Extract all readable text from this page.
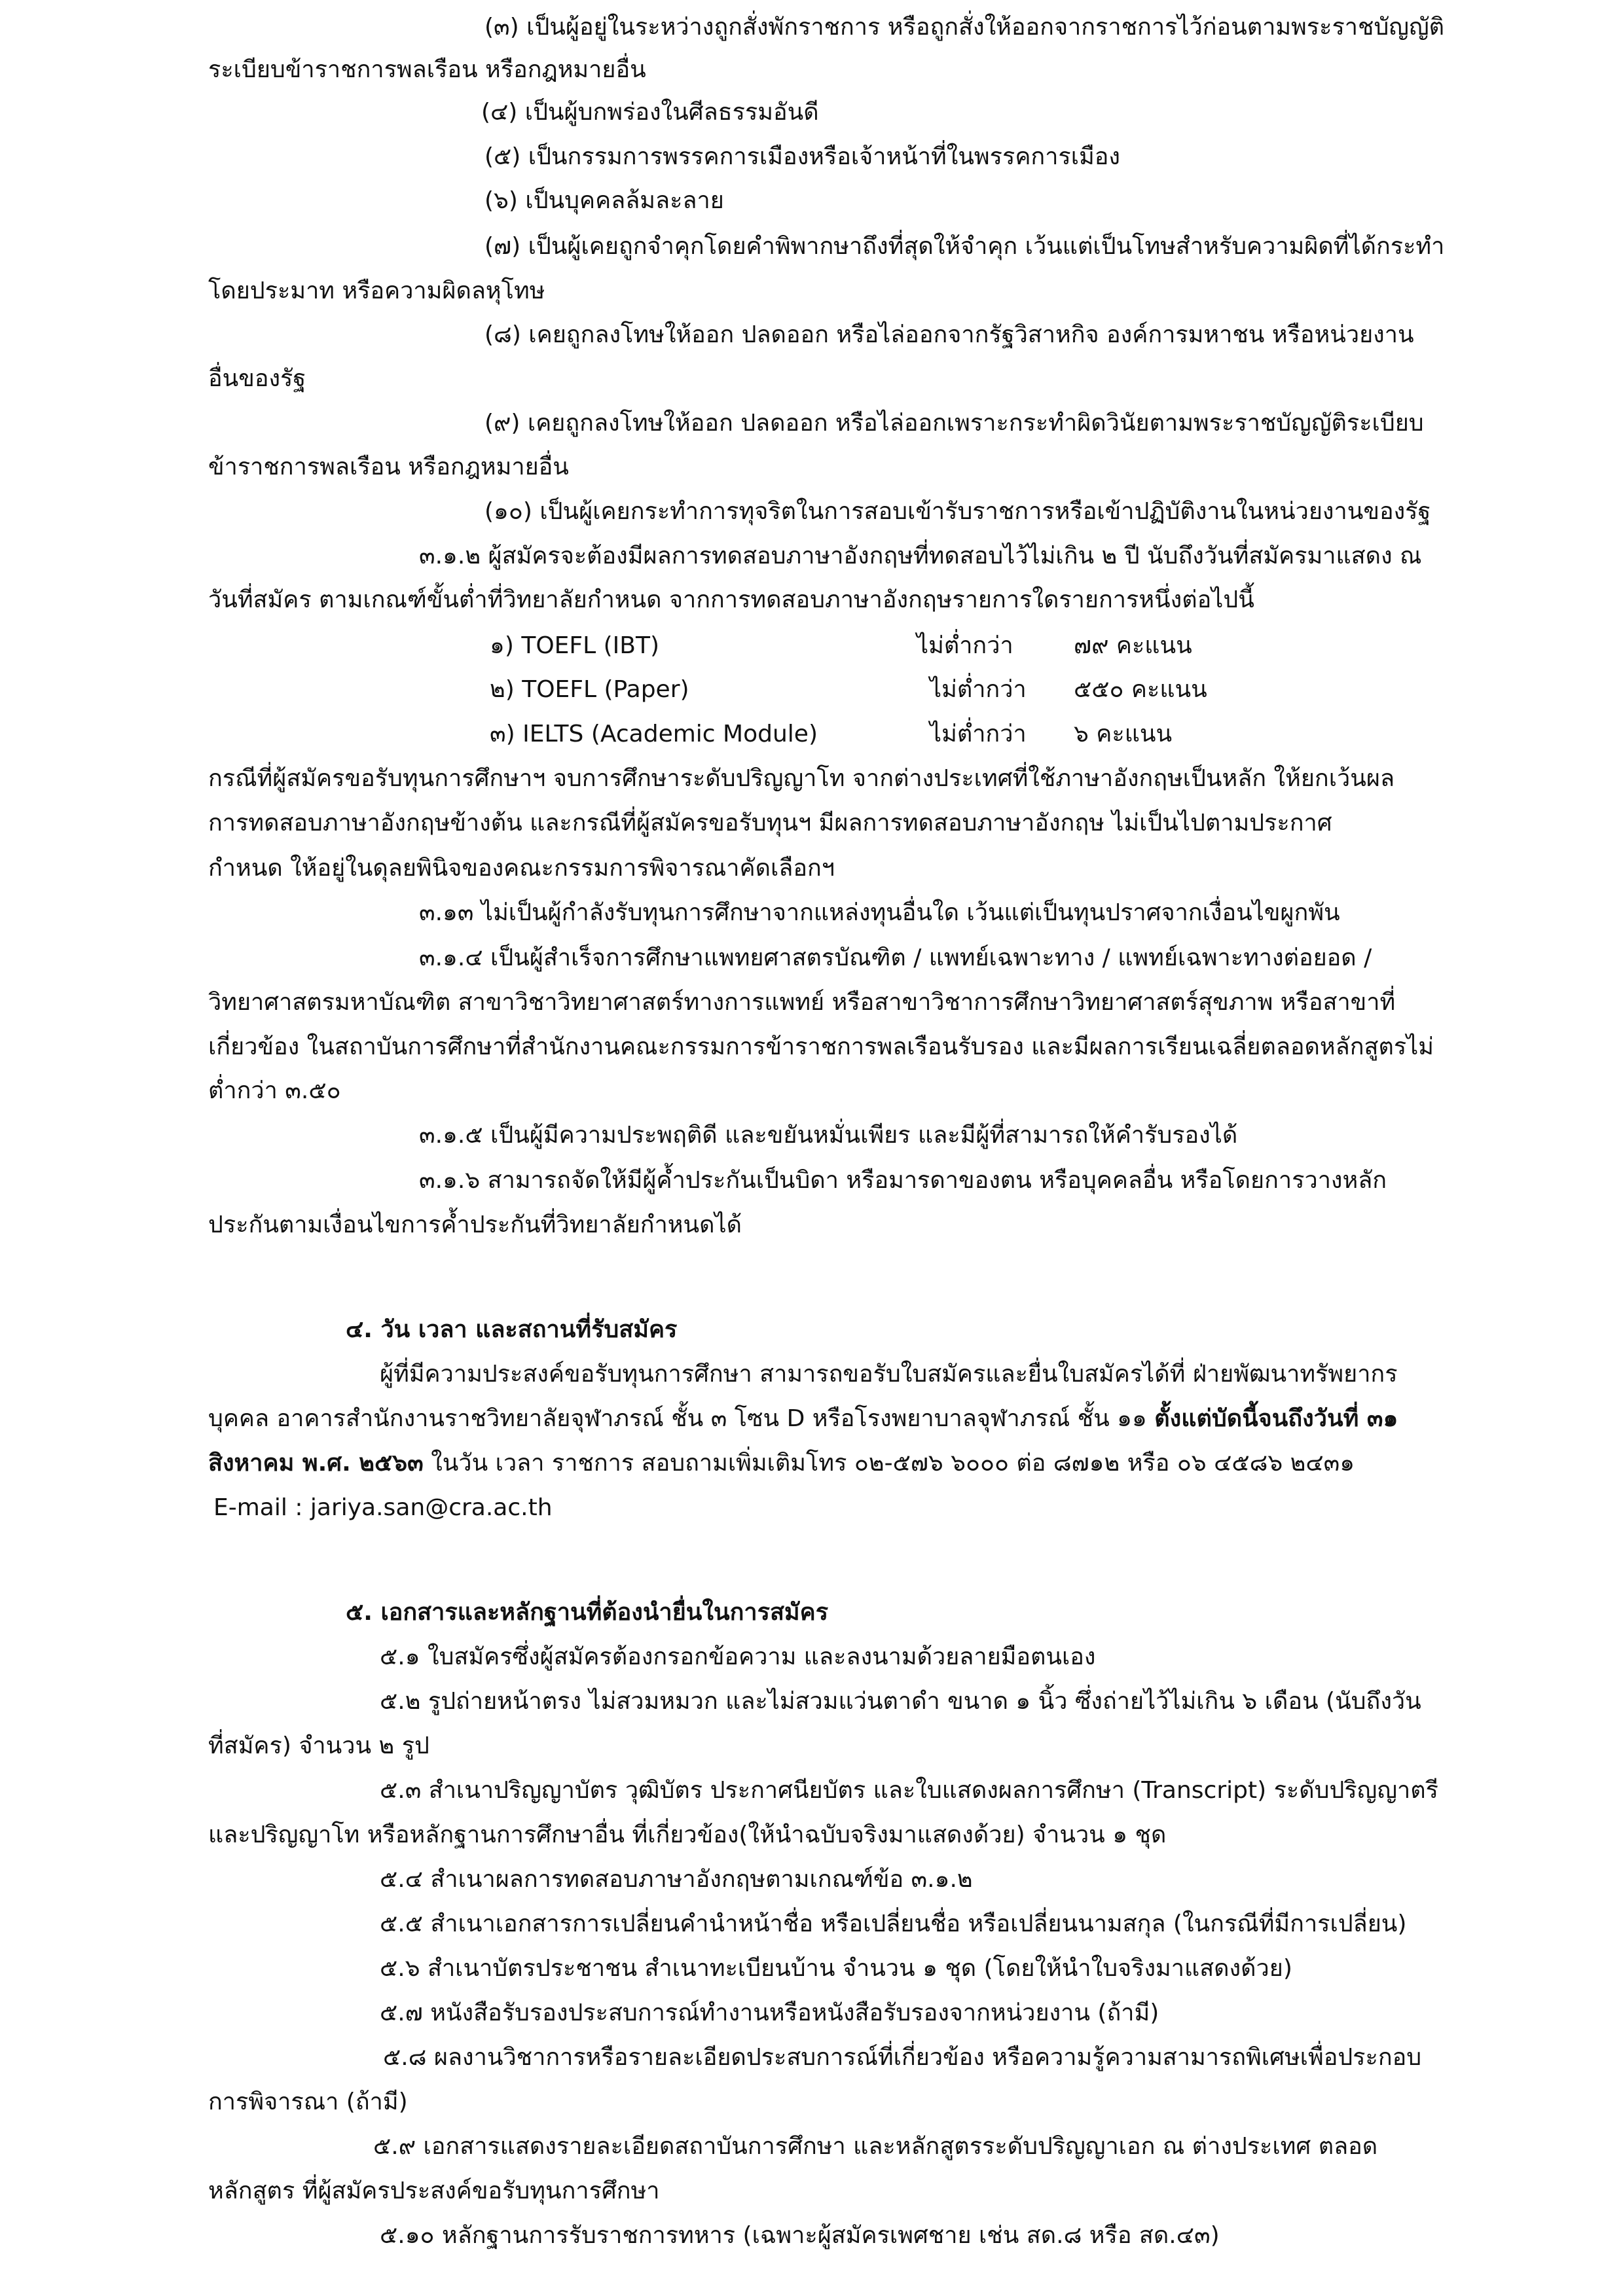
(๓) เป็นผู้อยู่ในระหว่างถูกสั่งพักราชการ หรือถูกสั่งให้ออกจากราชการไว้ก่อนตามพระราชบัญญัติ
ระเบียบข้าราชการพลเรือน หรือกฎหมายอื่น
(๔) เป็นผู้บกพร่องในศีลธรรมอันดี
(๕) เป็นกรรมการพรรคการเมืองหรือเจ้าหน้าที่ในพรรคการเมือง
(๖) เป็นบุคคลล้มละลาย
(๗) เป็นผู้เคยถูกจำคุกโดยคำพิพากษาถึงที่สุดให้จำคุก เว้นแต่เป็นโทษสำหรับความผิดที่ได้กระทำ
โดยประมาท หรือความผิดลหุโทษ
(๘) เคยถูกลงโทษให้ออก ปลดออก หรือไล่ออกจากรัฐวิสาหกิจ องค์การมหาชน หรือหน่วยงาน
อื่นของรัฐ
(๙) เคยถูกลงโทษให้ออก ปลดออก หรือไล่ออกเพราะกระทำผิดวินัยตามพระราชบัญญัติระเบียบ
ข้าราชการพลเรือน หรือกฎหมายอื่น
(๑๐) เป็นผู้เคยกระทำการทุจริตในการสอบเข้ารับราชการหรือเข้าปฏิบัติงานในหน่วยงานของรัฐ
๓.๑.๒ ผู้สมัครจะต้องมีผลการทดสอบภาษาอังกฤษที่ทดสอบไว้ไม่เกิน ๒ ปี นับถึงวันที่สมัครมาแสดง ณ
วันที่สมัคร ตามเกณฑ์ขั้นต่ำที่วิทยาลัยกำหนด จากการทดสอบภาษาอังกฤษรายการใดรายการหนึ่งต่อไปนี้
๑) TOEFL (IBT)	ไม่ต่ำกว่า	๗๙ คะแนน
๒) TOEFL (Paper)	ไม่ต่ำกว่า ๕๕๐ คะแนน
๓) IELTS (Academic Module)	ไม่ต่ำกว่า ๖ คะแนน
กรณีที่ผู้สมัครขอรับทุนการศึกษาฯ จบการศึกษาระดับปริญญาโท จากต่างประเทศที่ใช้ภาษาอังกฤษเป็นหลัก ให้ยกเว้นผล
การทดสอบภาษาอังกฤษข้างต้น และกรณีที่ผู้สมัครขอรับทุนฯ มีผลการทดสอบภาษาอังกฤษ ไม่เป็นไปตามประกาศ
กำหนด ให้อยู่ในดุลยพินิจของคณะกรรมการพิจารณาคัดเลือกฯ
๓.๑๓ ไม่เป็นผู้กำลังรับทุนการศึกษาจากแหล่งทุนอื่นใด เว้นแต่เป็นทุนปราศจากเงื่อนไขผูกพัน
๓.๑.๔ เป็นผู้สำเร็จการศึกษาแพทยศาสตรบัณฑิต / แพทย์เฉพาะทาง / แพทย์เฉพาะทางต่อยอด /
วิทยาศาสตรมหาบัณฑิต สาขาวิชาวิทยาศาสตร์ทางการแพทย์ หรือสาขาวิชาการศึกษาวิทยาศาสตร์สุขภาพ หรือสาขาที่
เกี่ยวข้อง ในสถาบันการศึกษาที่สำนักงานคณะกรรมการข้าราชการพลเรือนรับรอง และมีผลการเรียนเฉลี่ยตลอดหลักสูตรไม่
ต่ำกว่า ๓.๕๐
๓.๑.๕ เป็นผู้มีความประพฤติดี และขยันหมั่นเพียร และมีผู้ที่สามารถให้คำรับรองได้
๓.๑.๖ สามารถจัดให้มีผู้ค้ำประกันเป็นบิดา หรือมารดาของตน หรือบุคคลอื่น หรือโดยการวางหลัก
ประกันตามเงื่อนไขการค้ำประกันที่วิทยาลัยกำหนดได้
๔. วัน เวลา และสถานที่รับสมัคร
ผู้ที่มีความประสงค์ขอรับทุนการศึกษา สามารถขอรับใบสมัครและยื่นใบสมัครได้ที่ ฝ่ายพัฒนาทรัพยากร
บุคคล อาคารสำนักงานราชวิทยาลัยจุฬาภรณ์ ชั้น ๓ โซน D หรือโรงพยาบาลจุฬาภรณ์ ชั้น ๑๑ ตั้งแต่บัดนี้จนถึงวันที่ ๓๑
สิงหาคม พ.ศ. ๒๕๖๓ ในวัน เวลา ราชการ สอบถามเพิ่มเติมโทร ๐๒-๕๗๖ ๖๐๐๐ ต่อ ๘๗๑๒ หรือ ๐๖ ๔๕๘๖ ๒๔๓๑
E-mail : jariya.san@cra.ac.th
๕. เอกสารและหลักฐานที่ต้องนำยื่นในการสมัคร
๕.๑ ใบสมัครซึ่งผู้สมัครต้องกรอกข้อความ และลงนามด้วยลายมือตนเอง
๕.๒ รูปถ่ายหน้าตรง ไม่สวมหมวก และไม่สวมแว่นตาดำ ขนาด ๑ นิ้ว ซึ่งถ่ายไว้ไม่เกิน ๖ เดือน (นับถึงวัน
ที่สมัคร) จำนวน ๒ รูป
๕.๓ สำเนาปริญญาบัตร วุฒิบัตร ประกาศนียบัตร และใบแสดงผลการศึกษา (Transcript) ระดับปริญญาตรี
และปริญญาโท หรือหลักฐานการศึกษาอื่น ที่เกี่ยวข้อง(ให้นำฉบับจริงมาแสดงด้วย) จำนวน ๑ ชุด
๕.๔ สำเนาผลการทดสอบภาษาอังกฤษตามเกณฑ์ข้อ ๓.๑.๒
๕.๕ สำเนาเอกสารการเปลี่ยนคำนำหน้าชื่อ หรือเปลี่ยนชื่อ หรือเปลี่ยนนามสกุล (ในกรณีที่มีการเปลี่ยน)
๕.๖ สำเนาบัตรประชาชน สำเนาทะเบียนบ้าน จำนวน ๑ ชุด (โดยให้นำใบจริงมาแสดงด้วย)
๕.๗ หนังสือรับรองประสบการณ์ทำงานหรือหนังสือรับรองจากหน่วยงาน (ถ้ามี)
๕.๘ ผลงานวิชาการหรือรายละเอียดประสบการณ์ที่เกี่ยวข้อง หรือความรู้ความสามารถพิเศษเพื่อประกอบ
การพิจารณา (ถ้ามี)
๕.๙ เอกสารแสดงรายละเอียดสถาบันการศึกษา และหลักสูตรระดับปริญญาเอก ณ ต่างประเทศ ตลอด
หลักสูตร ที่ผู้สมัครประสงค์ขอรับทุนการศึกษา
๕.๑๐ หลักฐานการรับราชการทหาร (เฉพาะผู้สมัครเพศชาย เช่น สด.๘ หรือ สด.๔๓)
